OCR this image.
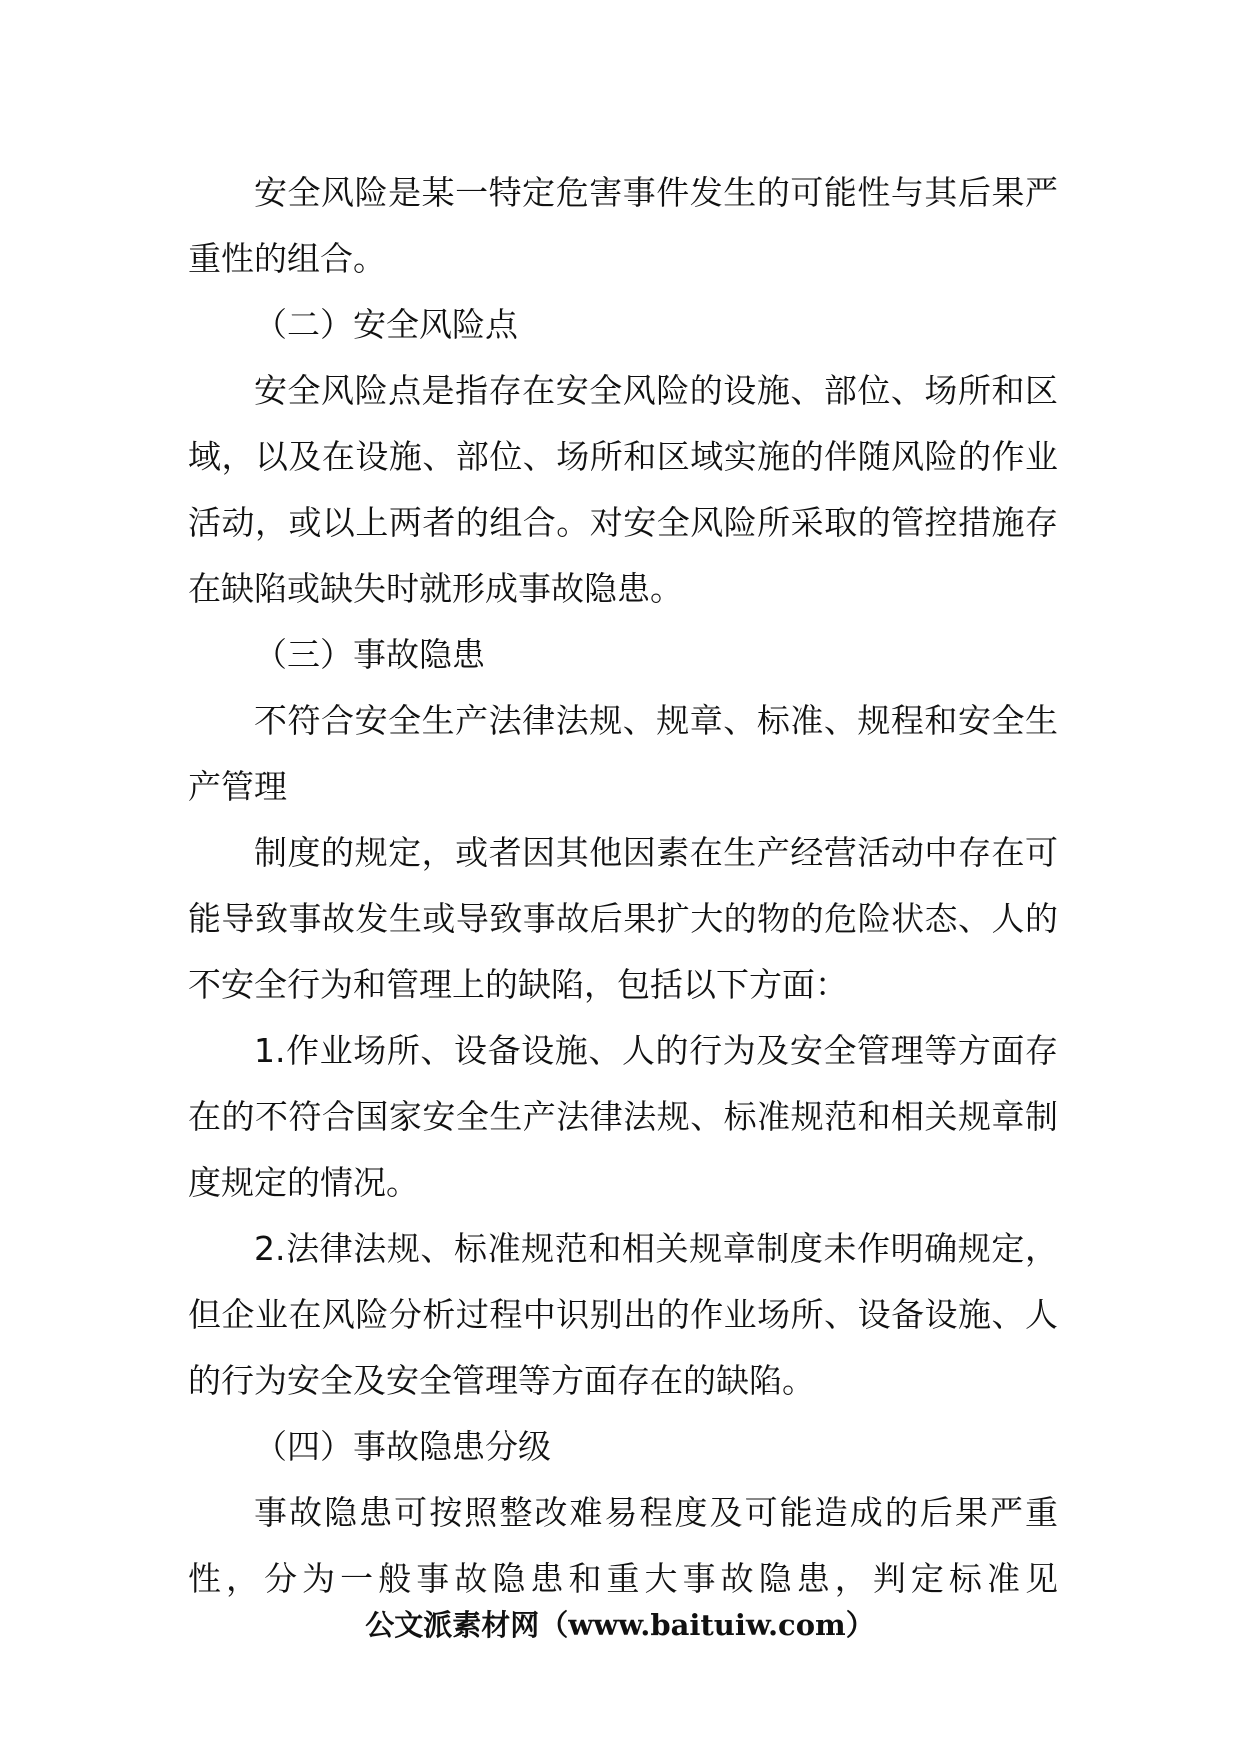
安全风险是某一特定危害事件发生的可能性与其后果严重性的组合。

（二）安全风险点

安全风险点是指存在安全风险的设施、部位、场所和区域，以及在设施、部位、场所和区域实施的伴随风险的作业活动，或以上两者的组合。对安全风险所采取的管控措施存在缺陷或缺失时就形成事故隐患。

（三）事故隐患

不符合安全生产法律法规、规章、标准、规程和安全生产管理

制度的规定，或者因其他因素在生产经营活动中存在可能导致事故发生或导致事故后果扩大的物的危险状态、人的不安全行为和管理上的缺陷，包括以下方面：

1.作业场所、设备设施、人的行为及安全管理等方面存在的不符合国家安全生产法律法规、标准规范和相关规章制度规定的情况。

2.法律法规、标准规范和相关规章制度未作明确规定，但企业在风险分析过程中识别出的作业场所、设备设施、人的行为安全及安全管理等方面存在的缺陷。

（四）事故隐患分级

事故隐患可按照整改难易程度及可能造成的后果严重性，分为一般事故隐患和重大事故隐患，判定标准见

公文派素材网（www.baituiw.com）
